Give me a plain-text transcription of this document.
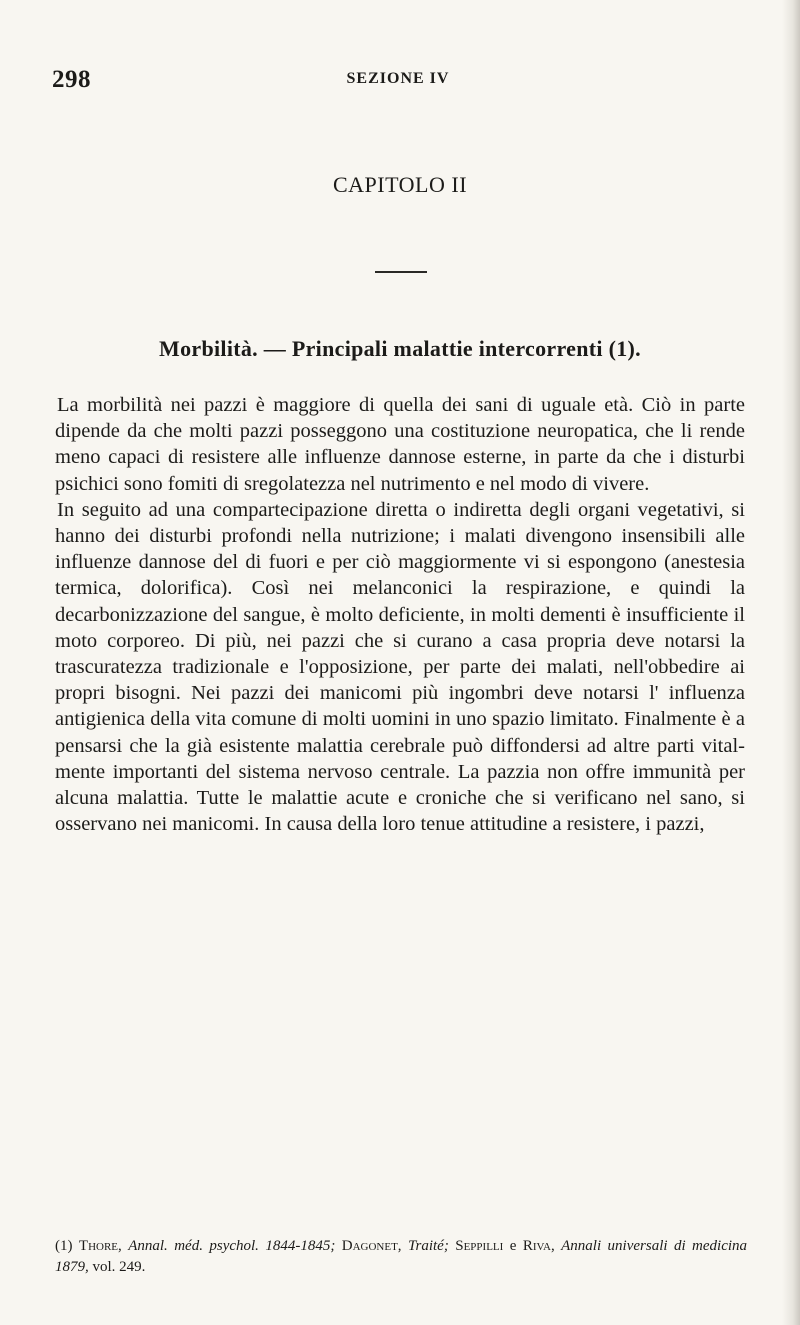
298	SEZIONE IV
CAPITOLO II
Morbilità. — Principali malattie intercorrenti (1).

La morbilità nei pazzi è maggiore di quella dei sani di uguale età. Ciò in parte dipende da che molti pazzi posseggono una costituzione neuropatica, che li rende meno capaci di resistere alle influenze dannose esterne, in parte da che i disturbi psichici sono fomiti di sregolatezza nel nutrimento e nel modo di vivere.

In seguito ad una compartecipazione diretta o indiretta degli organi vegetativi, si hanno dei disturbi profondi nella nutrizione; i malati divengono insensibili alle influenze dannose del di fuori e per ciò maggiormente vi si espongono (anestesia termica, dolorifica). Così nei melanconici la respirazione, e quindi la decarbonizzazione del sangue, è molto deficiente, in molti dementi è insufficiente il moto corporeo. Di più, nei pazzi che si curano a casa propria deve notarsi la trascuratezza tradizionale e l'opposizione, per parte dei malati, nell'obbedire ai propri bisogni. Nei pazzi dei manicomi più ingombri deve notarsi l' influenza antigienica della vita comune di molti uomini in uno spazio limitato. Finalmente è a pensarsi che la già esistente malattia cerebrale può diffondersi ad altre parti vitalmente importanti del sistema nervoso centrale. La pazzia non offre immunità per alcuna malattia. Tutte le malattie acute e croniche che si verificano nel sano, si osservano nei manicomi. In causa della loro tenue attitudine a resistere, i pazzi,

(1) Thore, Annal. méd. psychol. 1844-1845; Dagonet, Traité; Seppilli e Riva, Annali universali di medicina 1879, vol. 249.
